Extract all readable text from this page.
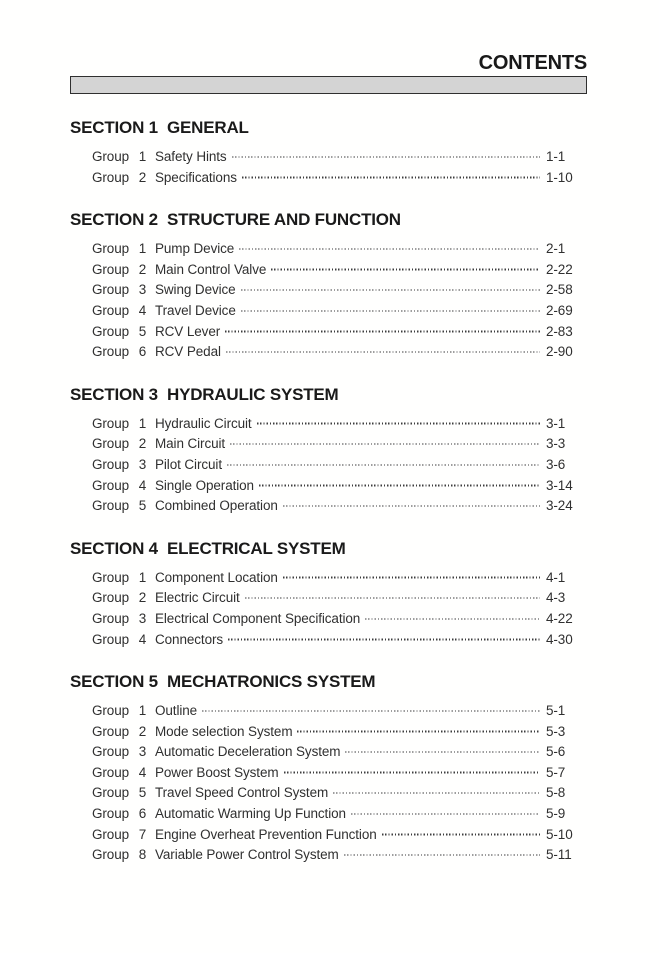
CONTENTS
SECTION 1  GENERAL
Group 1 Safety Hints	1-1
Group 2 Specifications	1-10
SECTION 2  STRUCTURE AND FUNCTION
Group 1 Pump Device	2-1
Group 2 Main Control Valve	2-22
Group 3 Swing Device	2-58
Group 4 Travel Device	2-69
Group 5 RCV Lever	2-83
Group 6 RCV Pedal	2-90
SECTION 3  HYDRAULIC SYSTEM
Group 1 Hydraulic Circuit	3-1
Group 2 Main Circuit	3-3
Group 3 Pilot Circuit	3-6
Group 4 Single Operation	3-14
Group 5 Combined Operation	3-24
SECTION 4  ELECTRICAL SYSTEM
Group 1 Component Location	4-1
Group 2 Electric Circuit	4-3
Group 3 Electrical Component Specification	4-22
Group 4 Connectors	4-30
SECTION 5  MECHATRONICS SYSTEM
Group 1 Outline	5-1
Group 2 Mode selection System	5-3
Group 3 Automatic Deceleration System	5-6
Group 4 Power Boost System	5-7
Group 5 Travel Speed Control System	5-8
Group 6 Automatic Warming Up Function	5-9
Group 7 Engine Overheat Prevention Function	5-10
Group 8 Variable Power Control System	5-11
